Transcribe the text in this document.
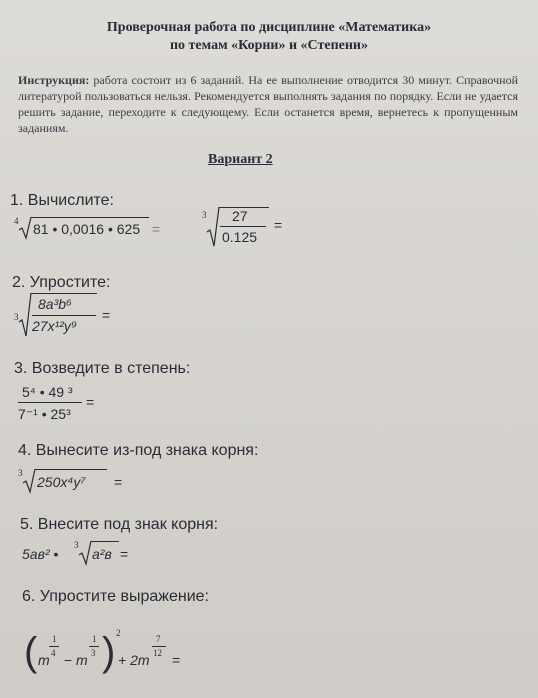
Проверочная работа по дисциплине «Математика»
по темам «Корни» и «Степени»
Инструкция: работа состоит из 6 заданий. На ее выполнение отводится 30 минут. Справочной литературой пользоваться нельзя. Рекомендуется выполнять задания по порядку. Если не удается решить задание, переходите к следующему. Если останется время, вернетесь к пропущенным заданиям.
Вариант 2
1. Вычислите:
4 81 • 0,0016 • 625 =
3 27
0.125
=
2. Упростите:
3
8a³b⁶
27x¹²y⁹
=
3. Возведите в степень:
5⁴ • 49 ³
7⁻¹ • 25³
=
4. Вынесите из-под знака корня:
3
250x⁴y⁷ =
5. Внесите под знак корня:
5ав² •
3
а²в =
6. Упростите выражение:
( m
1
4 − m
1
3 ) 2
+ 2m
7
12 =
